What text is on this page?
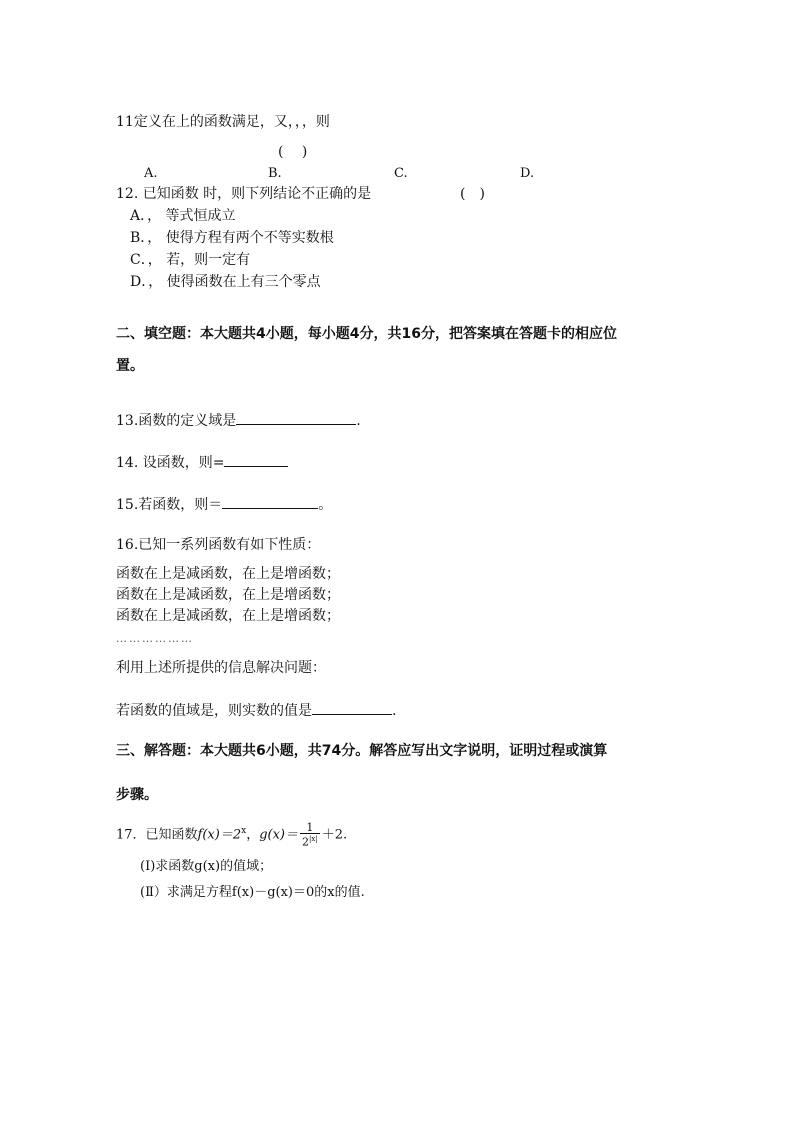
11定义在上的函数满足，又，，，则
(　 )
A.	B.	C.	D.
12. 已知函数 时，则下列结论不正确的是	(　)
A．， 等式恒成立
B．， 使得方程有两个不等实数根
C．， 若，则一定有
D．， 使得函数在上有三个零点
二、填空题：本大题共4小题，每小题4分，共16分，把答案填在答题卡的相应位
置。
13.函数的定义域是	.
14. 设函数，则=
15.若函数，则＝	。
16.已知一系列函数有如下性质：
函数在上是减函数，在上是增函数；
函数在上是减函数，在上是增函数；
函数在上是减函数，在上是增函数；
………………
利用上述所提供的信息解决问题：
若函数的值域是，则实数的值是	.
三、解答题：本大题共6小题，共74分。解答应写出文字说明，证明过程或演算
步骤。
17．已知函数$f(x)=2^x$，$g(x)= \frac{1}{2^{|x|}} +2$.
(Ⅰ)求函数g(x)的值域；
(Ⅱ）求满足方程f(x)－g(x)＝0的x的值.
